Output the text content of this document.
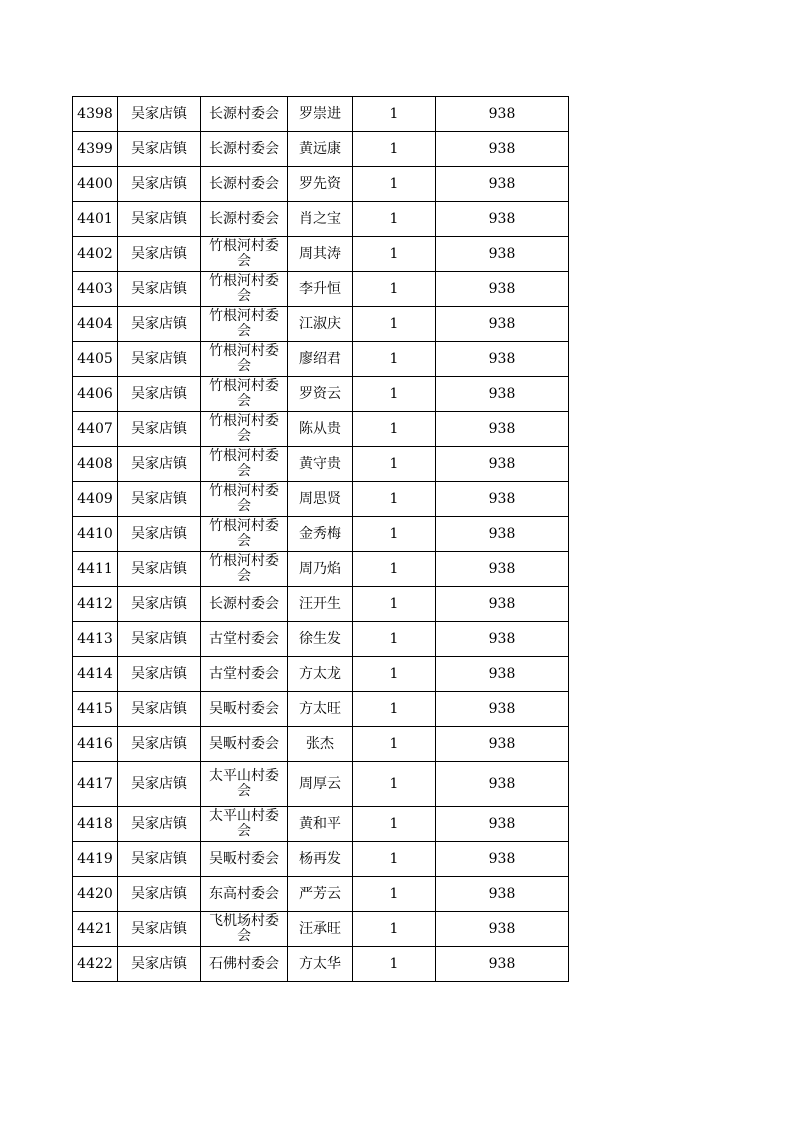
4398	吴家店镇	长源村委会	罗崇进	1	938
4399	吴家店镇	长源村委会	黄远康	1	938
4400	吴家店镇	长源村委会	罗先资	1	938
4401	吴家店镇	长源村委会	肖之宝	1	938
4402	吴家店镇	竹根河村委会	周其涛	1	938
4403	吴家店镇	竹根河村委会	李升恒	1	938
4404	吴家店镇	竹根河村委会	江淑庆	1	938
4405	吴家店镇	竹根河村委会	廖绍君	1	938
4406	吴家店镇	竹根河村委会	罗资云	1	938
4407	吴家店镇	竹根河村委会	陈从贵	1	938
4408	吴家店镇	竹根河村委会	黄守贵	1	938
4409	吴家店镇	竹根河村委会	周思贤	1	938
4410	吴家店镇	竹根河村委会	金秀梅	1	938
4411	吴家店镇	竹根河村委会	周乃焰	1	938
4412	吴家店镇	长源村委会	汪开生	1	938
4413	吴家店镇	古堂村委会	徐生发	1	938
4414	吴家店镇	古堂村委会	方太龙	1	938
4415	吴家店镇	吴畈村委会	方太旺	1	938
4416	吴家店镇	吴畈村委会	张杰	1	938
4417	吴家店镇	太平山村委会	周厚云	1	938
4418	吴家店镇	太平山村委会	黄和平	1	938
4419	吴家店镇	吴畈村委会	杨再发	1	938
4420	吴家店镇	东高村委会	严芳云	1	938
4421	吴家店镇	飞机场村委会	汪承旺	1	938
4422	吴家店镇	石佛村委会	方太华	1	938
